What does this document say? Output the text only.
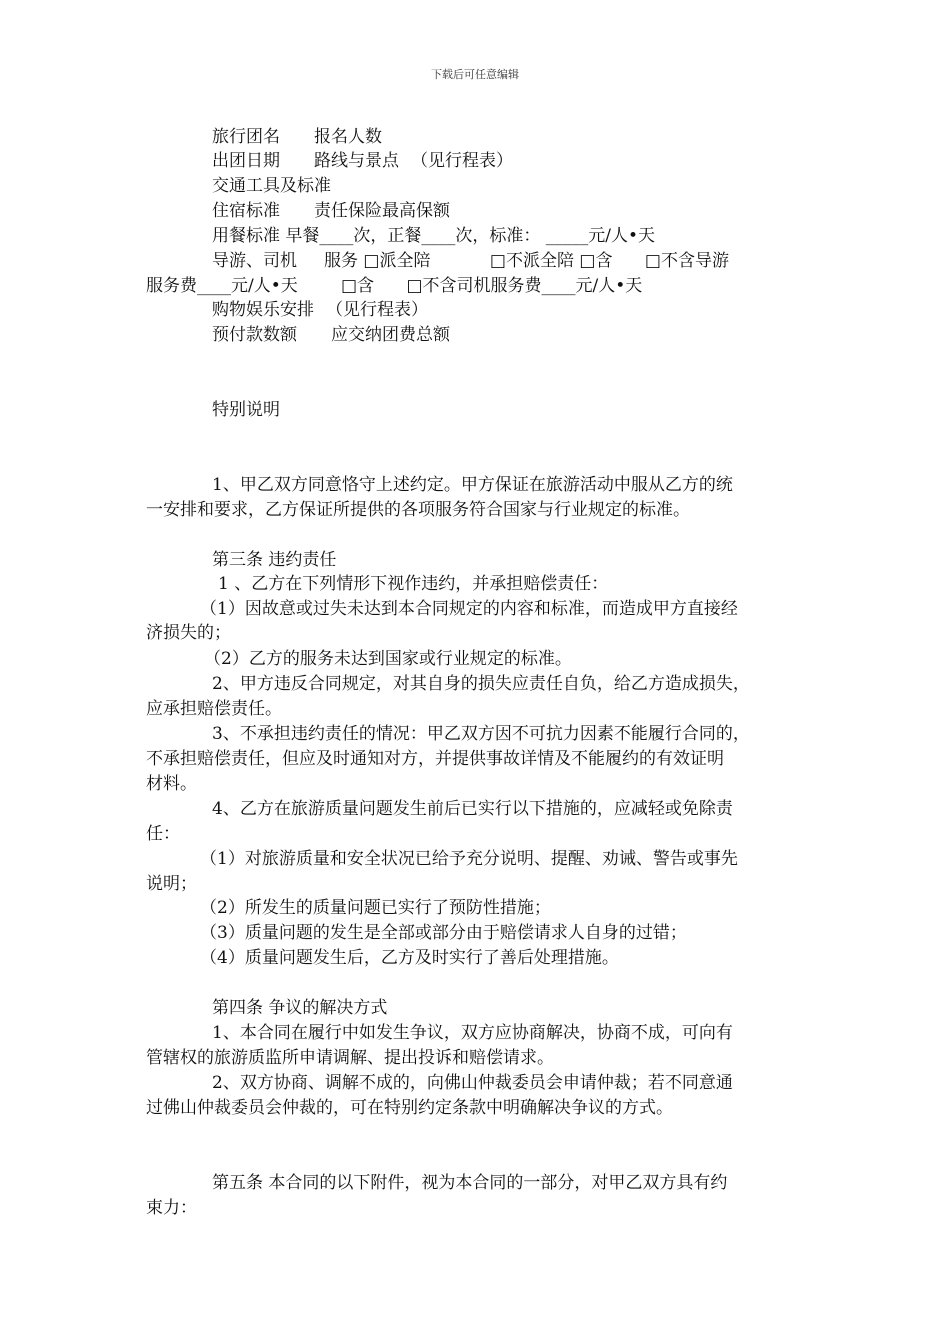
下载后可任意编辑
旅行团名 报名人数
出团日期 路线与景点 （见行程表）
交通工具及标准
住宿标准 责任保险最高保额
用餐标准 早餐____次，正餐____次，标准： _____元/人•天
导游、司机     服务 □派全陪           □不派全陪 □含      □不含导游
服务费____元/人•天        □含      □不含司机服务费____元/人•天
购物娱乐安排 （见行程表）
预付款数额 应交纳团费总额
特别说明
1、甲乙双方同意恪守上述约定。甲方保证在旅游活动中服从乙方的统
一安排和要求，乙方保证所提供的各项服务符合国家与行业规定的标准。
第三条 违约责任
1 、乙方在下列情形下视作违约，并承担赔偿责任：
（1）因故意或过失未达到本合同规定的内容和标准，而造成甲方直接经
济损失的；
（2）乙方的服务未达到国家或行业规定的标准。
2、甲方违反合同规定，对其自身的损失应责任自负，给乙方造成损失，
应承担赔偿责任。
3、不承担违约责任的情况：甲乙双方因不可抗力因素不能履行合同的，
不承担赔偿责任，但应及时通知对方，并提供事故详情及不能履约的有效证明
材料。
4、乙方在旅游质量问题发生前后已实行以下措施的，应减轻或免除责
任：
（1）对旅游质量和安全状况已给予充分说明、提醒、劝诫、警告或事先
说明；
（2）所发生的质量问题已实行了预防性措施；
（3）质量问题的发生是全部或部分由于赔偿请求人自身的过错；
（4）质量问题发生后，乙方及时实行了善后处理措施。
第四条 争议的解决方式
1、本合同在履行中如发生争议，双方应协商解决，协商不成，可向有
管辖权的旅游质监所申请调解、提出投诉和赔偿请求。
2、双方协商、调解不成的，向佛山仲裁委员会申请仲裁；若不同意通
过佛山仲裁委员会仲裁的，可在特别约定条款中明确解决争议的方式。
第五条 本合同的以下附件，视为本合同的一部分，对甲乙双方具有约
束力：
